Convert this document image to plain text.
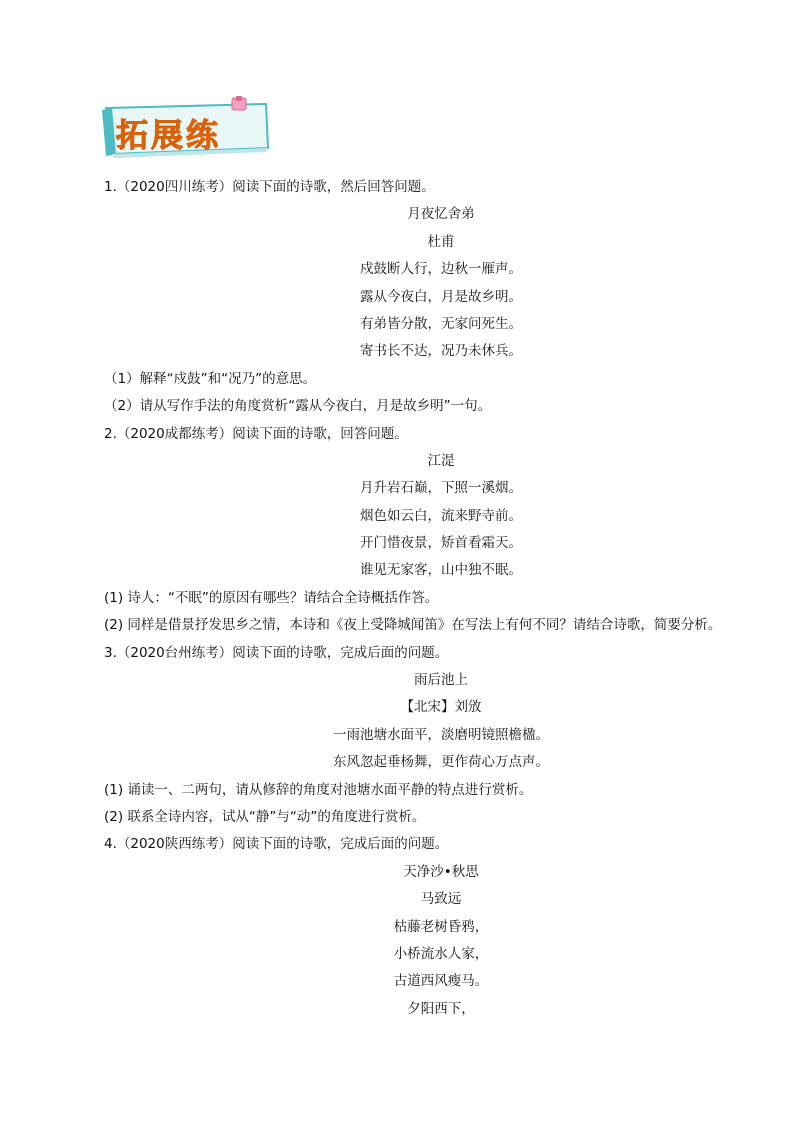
拓展练
1.（2020四川练考）阅读下面的诗歌，然后回答问题。
月夜忆舍弟
杜甫
戍鼓断人行，边秋一雁声。
露从今夜白，月是故乡明。
有弟皆分散，无家问死生。
寄书长不达，况乃未休兵。
（1）解释“戍鼓”和“况乃”的意思。
（2）请从写作手法的角度赏析“露从今夜白，月是故乡明”一句。
2.（2020成都练考）阅读下面的诗歌，回答问题。
江湜
月升岩石巅，下照一溪烟。
烟色如云白，流来野寺前。
开门惜夜景，矫首看霜天。
谁见无家客，山中独不眠。
(1) 诗人：“不眠”的原因有哪些？请结合全诗概括作答。
(2) 同样是借景抒发思乡之情，本诗和《夜上受降城闻笛》在写法上有何不同？请结合诗歌，简要分析。
3.（2020台州练考）阅读下面的诗歌，完成后面的问题。
雨后池上
【北宋】刘攽
一雨池塘水面平，淡磨明镜照檐楹。
东风忽起垂杨舞，更作荷心万点声。
(1) 诵读一、二两句，请从修辞的角度对池塘水面平静的特点进行赏析。
(2) 联系全诗内容，试从“静”与“动”的角度进行赏析。
4.（2020陕西练考）阅读下面的诗歌，完成后面的问题。
天净沙•秋思
马致远
枯藤老树昏鸦，
小桥流水人家，
古道西风瘦马。
夕阳西下，
